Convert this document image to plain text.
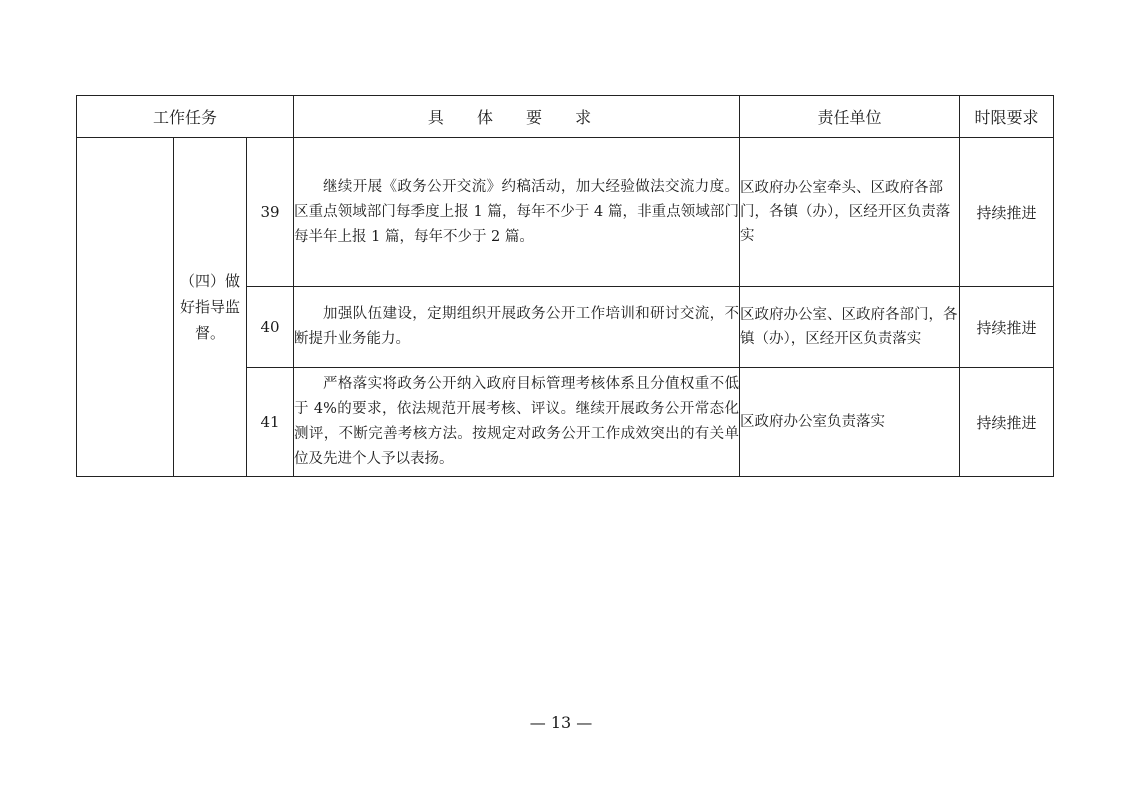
工作任务			具 体 要 求	责任单位	时限要求
	（四）做好指导监督。	39	继续开展《政务公开交流》约稿活动，加大经验做法交流力度。区重点领域部门每季度上报 1 篇，每年不少于 4 篇，非重点领域部门每半年上报 1 篇，每年不少于 2 篇。	区政府办公室牵头、区政府各部门，各镇（办），区经开区负责落实	持续推进
		40	加强队伍建设，定期组织开展政务公开工作培训和研讨交流，不断提升业务能力。	区政府办公室、区政府各部门，各镇（办），区经开区负责落实	持续推进
		41	严格落实将政务公开纳入政府目标管理考核体系且分值权重不低于 4%的要求，依法规范开展考核、评议。继续开展政务公开常态化测评，不断完善考核方法。按规定对政务公开工作成效突出的有关单位及先进个人予以表扬。	区政府办公室负责落实	持续推进
— 13 —
